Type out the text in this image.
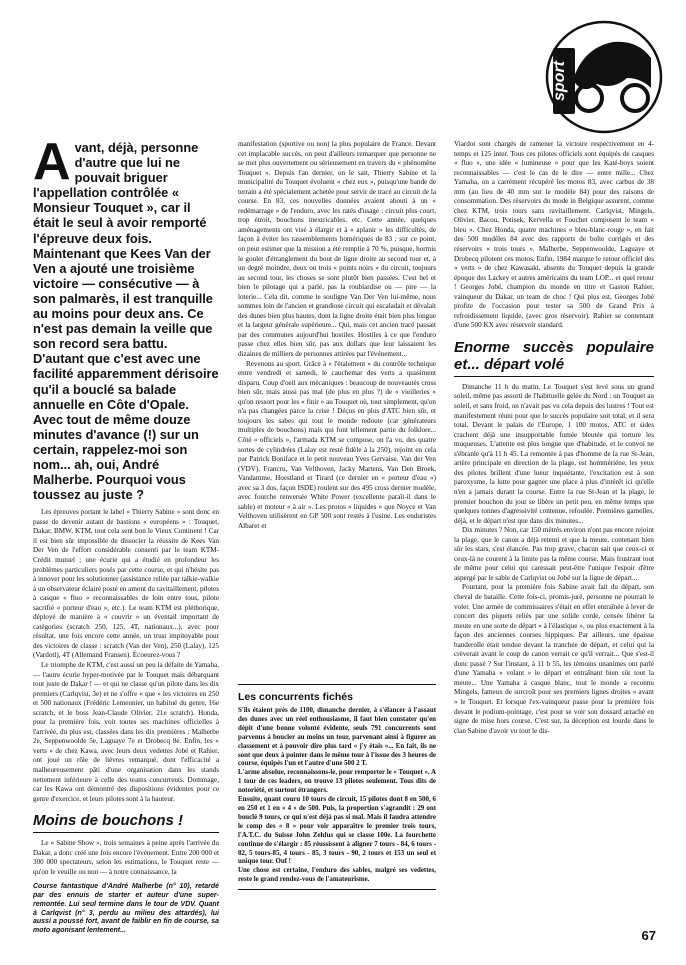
sport

Avant, déjà, personne d'autre que lui ne pouvait briguer l'appellation contrôlée « Monsieur Touquet », car il était le seul à avoir remporté l'épreuve deux fois. Maintenant que Kees Van der Ven a ajouté une troisième victoire — consécutive — à son palmarès, il est tranquille au moins pour deux ans. Ce n'est pas demain la veille que son record sera battu. D'autant que c'est avec une facilité apparemment dérisoire qu'il a bouclé sa balade annuelle en Côte d'Opale. Avec tout de même douze minutes d'avance (!) sur un certain, rappelez-moi son nom... ah, oui, André Malherbe. Pourquoi vous toussez au juste ?

Les épreuves portant le label « Thierry Sabine » sont donc en passe de devenir autant de bastions « européens » : Touquet, Dakar, BMW, KTM, tout cela sent bon le Vieux Continent ! Car il est bien sûr impossible de dissocier la réussite de Kees Van Der Ven de l'effort considérable consenti par le team KTM-Crédit mutuel ; une écurie qui a étudié en profondeur les problèmes particuliers posés par cette course, et qui n'hésite pas à innover pour les solutionner (assistance reliée par talkie-walkie à un observateur éclairé posté en amont du ravitaillement, pilotes à casque « fluo » reconnaissables de loin entre tous, pilote sacrifié « porteur d'eau », etc.). Le team KTM est pléthorique, déployé de manière à « couvrir » un éventail important de catégories (scratch 250, 125, 4T, nationaux...), avec pour résultat, une fois encore cette année, un trust impitoyable pour des victoires de classe : scratch (Van der Ven), 250 (Lalay), 125 (Vardotl), 4T (Allemand Fransen). Écoeurez-vous ?

Le triomphe de KTM, c'est aussi un peu la défaite de Yamaha, — l'autre écurie hyper-motivée par le Touquet mais débarquant tout juste de Dakar ! — et qui ne classe qu'un pilote dans les dix premiers (Carlqvist, 3e) et ne s'offre « que » les victoires en 250 et 500 nationaux (Frédéric Lemeunier, un habitué du genre, 16e scratch, et le boss Jean-Claude Olivier, 21e scratch). Honda, pour la première fois, voit toutes ses machines officielles à l'arrivée, du plus est, classées dans les dix premières : Malherbe 2e, Seppenwoolde 5e, Laguaye 7e et Drobecq 8e. Enfin, les « verts » de chez Kawa, avec leurs deux vedettes Jobé et Rahier, ont joué un rôle de lièvres remarqué, dont l'efficacité a malheureusement pâti d'une organisation dans les stands nettement inférieure à celle des teams concurrents. Dommage, car les Kawa ont démontré des dispositions évidentes pour ce genre d'exercice, et leurs pilotes sont à la hauteur.

Moins de bouchons !

Le « Sabine Show », trois semaines à peine après l'arrivée du Dakar, a donc créé une fois encore l'événement. Entre 200 000 et 300 000 spectateurs, selon les estimations, le Touquet reste — qu'on le veuille ou non — à notre connaissance, la

Course fantastique d'André Malherbe (n° 10), retardé par des ennuis de starter et auteur d'une super-remontée. Lui seul termine dans le tour de VDV. Quant à Carlqvist (n° 3, perdu au milieu des attardés), lui aussi a poussé fort, avant de faiblir en fin de course, sa moto agonisant lentement...

manifestation (sportive ou non) la plus populaire de France. Devant cet implacable succès, on peut d'ailleurs remarquer que personne ne se met plus ouvertement ou sérieusement en travers du « phénomène Touquet ». Depuis l'an dernier, on le sait, Thierry Sabine et la municipalité du Touquet évoluent « chez eux », puisqu'une bande de terrain a été spécialement achetée pour servir de tracé au circuit de la course. En 83, ces nouvelles données avaient abouti à un « redémarrage » de l'enduro, avec les ratés d'usage : circuit plus court, trop étroit, bouchons inextricables, etc. Cette année, quelques aménagements ont visé à élargir et à « aplanir » les difficultés, de façon à éviter les rassemblements homériques de 83 : sur ce point, on peut estimer que la mission a été remplie à 70 %, puisque, hormis le goulet d'étranglement du bout de ligne droite au second tour et, à un degré moindre, deux ou trois « points noirs » du circuit, toujours au second tour, les choses se sont plutôt bien passées. C'est bel et bien le pilotage qui a parlé, pas la roublardise ou — pire — la loterie... Cela dit, comme le souligne Van Der Ven lui-même, nous sommes loin de l'ancien et grandiose circuit qui escaladait et dévalait des dunes bien plus hautes, dont la ligne droite était bien plus longue et la largeur générale supérieure... Qui, mais cet ancien tracé passait par des communes aujourd'hui hostiles. Hostiles à ce que l'enduro passe chez elles bien sûr, pas aux dollars que leur laissaient les dizaines de milliers de personnes attirées par l'événement...

Revenons au sport. Grâce à « l'étalement » du contrôle technique entre vendredi et samedi, le cauchemar des verts a quasiment disparu. Coup d'oeil aux mécaniques : beaucoup de nouveautés cross bien sûr, mais aussi pas mal (de plus en plus ?) de « vieilleries » qu'on ressort pour les « finir » au Touquet où, tout simplement, qu'on n'a pas changées parce la crise ! Déçus en plus d'ATC bien sûr, et toujours les sabes qui tout le monde redoute (car générateurs multiples de bouchons) mais qui font tellement partie du folklore... Côté « officiels », l'armada KTM se compose, on l'a vu, des quatre sortes de cylindrées (Lalay est resté fidèle à la 250), rejoint en cela par Patrick Boniface et le petit nouveau Yves Gervaise. Van der Ven (VDV), Francru, Van Velthoven, Jacky Martens, Van Den Broek, Vandamme, Hoestland et Tirard (ce dernier en « porteur d'eau ») avec sa 3 dos, façon ISDE) roulent sur des 495 cross dernier modèle, avec fourche renversée White Power (excellente paraît-il dans le sable) et moteur « à air ». Les protos « liquides » que Noyce et Van Velthoven utilisèrent en GP 500 sont restés à l'usine. Les enduristes Albaret et

Les concurrents fichés

S'ils étaient près de 1100, dimanche dernier, à s'élancer à l'assaut des dunes avec un réel enthousiasme, il faut bien constater qu'en dépit d'une bonne volonté évidente, seuls 791 concurrents sont parvenus à boucler au moins un tour, parvenant ainsi à figurer au classement et à pouvoir dire plus tard « j'y étais »... En fait, ils ne sont que deux à pointer dans le même tour à l'issue des 3 heures de course, équipés l'un et l'autre d'une 500 2 T.

L'arme absolue, reconnaissons-le, pour remporter le « Touquet ». A 1 tour de ces leaders, on trouve 13 pilotes seulement. Tous dits de notoriété, et surtout étrangers.

Ensuite, quant couru 10 tours de circuit, 15 pilotes dont 8 en 500, 6 en 250 et 1 en « 4 » de 500. Puis, la proportion s'agrandit : 29 ont bouclé 9 tours, ce qui n'est déjà pas si mal. Mais il faudra attendre le comp des « 8 » pour voir apparaître le premier trois tours, l'A.T.C. du Suisse John Zehfus qui se classe 100e. La fourchette continue de s'élargir : 85 réussissent à aligner 7 tours - 84, 6 tours - 82, 5 tours-85, 4 tours - 85, 3 tours - 90, 2 tours et 153 un seul et unique tour. Ouf !

Une chose est certaine, l'enduro des sables, malgré ses vedettes, reste le grand rendez-vous de l'amateurisme.

Viardot sont chargés de ramener la victoire respectivement en 4-temps et 125 inter. Tous ces pilotes officiels sont équipés de casques « fluo », une idée « lumineuse » pour que les Katé-boys soient reconnaissables — c'est le cas de le dire — entre mille... Chez Yamaha, on a carrément récupéré les motos 83, avec carbus de 38 mm (au lieu de 40 mm sur le modèle 84) pour des raisons de consommation. Des réservoirs du mode in Belgique assurent, comme chez KTM, trois tours sans ravitaillement. Carlqvist, Mingels, Olivier, Bacou, Potisek, Kervella et Fouchet composent le team « bleu ». Chez Honda, quatre machines « bleu-blanc-rouge », en fait des 500 modèles 84 avec des rapports de boîte corrigés et des réservoirs « trois tours ». Malherbe, Seppenwoolde, Laguaye et Drobecq pilotent ces motos. Enfin, 1984 marque le retour officiel des « verts » de chez Kawasaki, absents du Touquet depuis la grande époque des Lackey et autres américains du team LOP... et quel retour ! Georges Jobé, champion du monde en titre et Gaston Rahier, vainqueur du Dakar, un team de choc ! Qui plus est, Georges Jobé profite de l'occasion pour tester sa 500 de Grand Prix à refroidissement liquide, (avec gros réservoir). Rahier se contentant d'une 500 KX avec réservoir standard.

Enorme succès populaire et... départ volé

Dimanche 11 h du matin. Le Touquet s'est levé sous un grand soleil, même pas assorti de l'habituelle gelée du Nord : un Touquet au soleil, et sans froid, on n'avait pas vu cela depuis des lustres ! Tout est manifestement réuni pour que le succès populaire soit total, et il sera total. Devant le palais de l'Europe, 1 100 motos, ATC et sides crachent déjà une insupportable fumée bleutée qui torture les muqueuses. L'attente est plus longue que d'habitude, et le convoi ne s'ébranle qu'à 11 h 45. La remontée à pas d'homme de la rue St-Jean, artère principale en direction de la plage, est hommériéne, les yeux des pilotes brillent d'une lueur inquiétante, l'excitation est à son paroxysme, la lutte pour gagner une place à plus d'intérêt ici qu'elle n'en a jamais durant la course. Entre la rue St-Jean et la plage, le premier bouchon du jour se libère un petit peu, en même temps que quelques tonnes d'agressivité contenue, refoulée. Premières gamelles, déjà, et le départ n'est que dans dix minutes...

Dix minutes ? Non, car 150 mètrès environ n'ont pas encore rejoint la plage, que le canon a déjà retenti et que la meute, contenant bien sûr les stars, s'est élancée. Pas trop grave, chacun sait que ceux-ci et ceux-là ne courent à la limite pas la même course. Mais frustrant tout de même pour celui qui caressait peut-être l'unique l'espoir d'être aspergé par le sable de Carlqvist ou Jobé sur la ligne de départ...

Pourtant, pour la première fois Sabine avait fait du départ, son cheval de bataille. Cette fois-ci, promis-juré, personne ne pourrait le voler. Une armée de commissaires s'était en effet entraînée à lever de concert des piquets reliés par une solide corde, censée libérer la meute en une sorte de départ « à l'élastique », ou plus exactement à la façon des anciennes courses hippiques. Par ailleurs, une épaisse banderolle était tendue devant la tranchée de départ, et celui qui la crèverait avant le coup de canon verrait ce qu'il verrait... Que s'est-il donc passé ? Sur l'instant, à 11 h 55, les témoins unanimes ont parlé d'une Yamaha « volant » le départ et entraînant bien sûr tout la meute... Une Yamaha à casque blanc, tout le monde a reconnu Mingels, fameux de surcroît pour ses premiers lignes droites « avant » le Touquet. Et lorsque l'ex-vainqueur passe pour la première fois devant le podium-pointage, c'est pour se voir son dossard arraché en signe de mise hors course. C'est sur, la déception est lourde dans le clan Sabine d'avoir vu tout le dis-

67
